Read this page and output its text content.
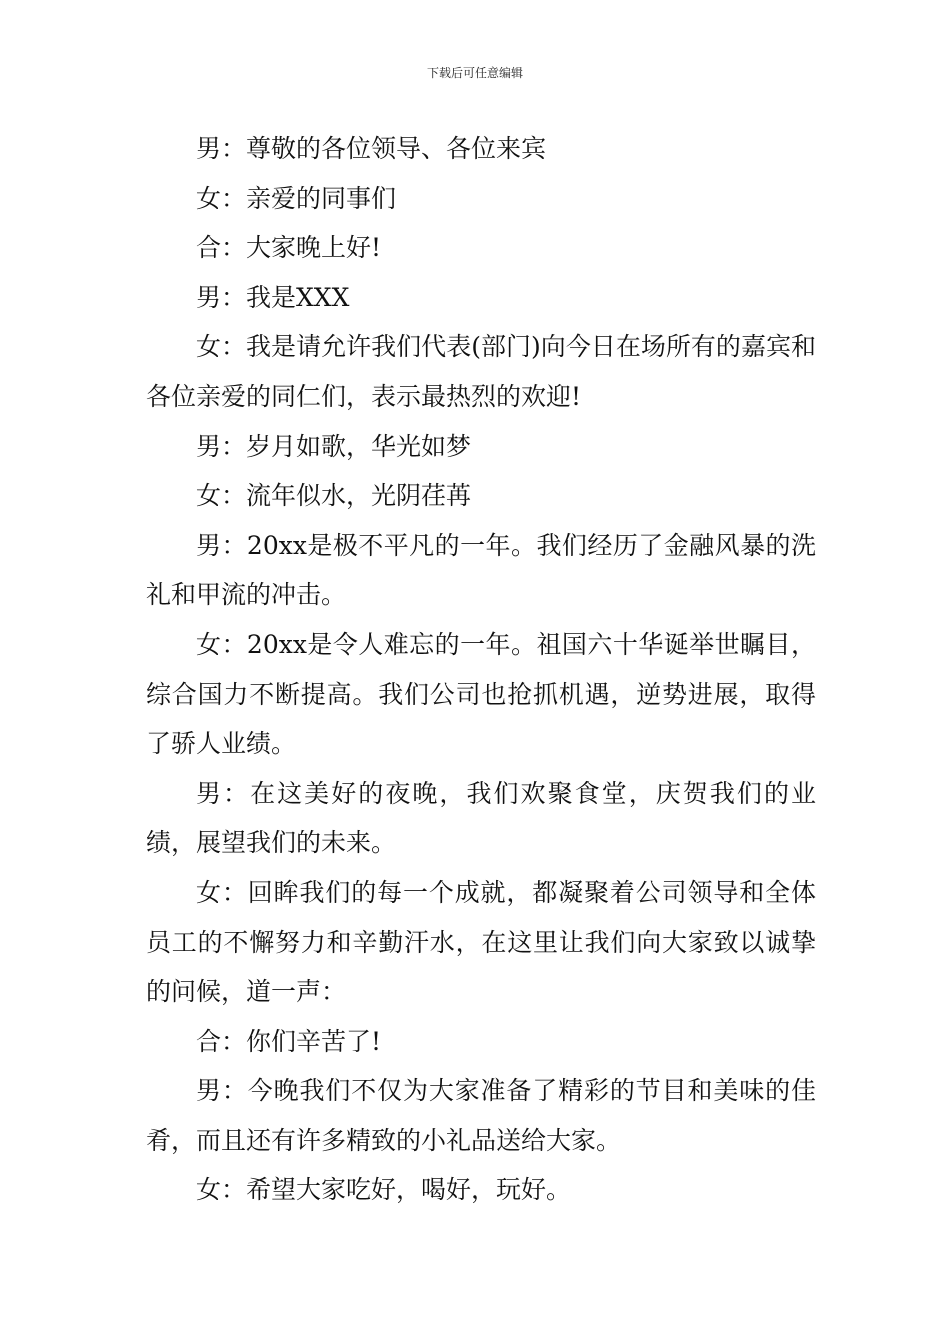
下载后可任意编辑

男：尊敬的各位领导、各位来宾

女：亲爱的同事们

合：大家晚上好!

男：我是XXX

女：我是请允许我们代表(部门)向今日在场所有的嘉宾和各位亲爱的同仁们，表示最热烈的欢迎!

男：岁月如歌，华光如梦

女：流年似水，光阴荏苒

男：20xx是极不平凡的一年。我们经历了金融风暴的洗礼和甲流的冲击。

女：20xx是令人难忘的一年。祖国六十华诞举世瞩目，综合国力不断提高。我们公司也抢抓机遇，逆势进展，取得了骄人业绩。

男：在这美好的夜晚，我们欢聚食堂，庆贺我们的业绩，展望我们的未来。

女：回眸我们的每一个成就，都凝聚着公司领导和全体员工的不懈努力和辛勤汗水，在这里让我们向大家致以诚挚的问候，道一声：

合：你们辛苦了!

男：今晚我们不仅为大家准备了精彩的节目和美味的佳肴，而且还有许多精致的小礼品送给大家。

女：希望大家吃好，喝好，玩好。
